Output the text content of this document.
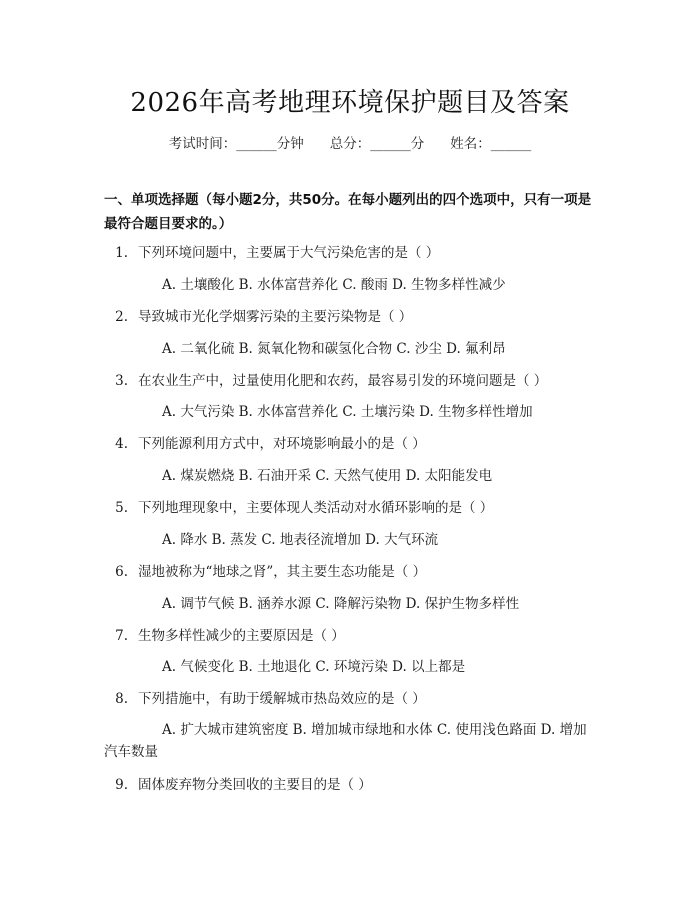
2026年高考地理环境保护题目及答案
考试时间：______分钟 总分：______分 姓名：______
一、单项选择题（每小题2分，共50分。在每小题列出的四个选项中，只有一项是最符合题目要求的。）
1. 下列环境问题中，主要属于大气污染危害的是（ ）
A. 土壤酸化 B. 水体富营养化 C. 酸雨 D. 生物多样性减少
2. 导致城市光化学烟雾污染的主要污染物是（ ）
A. 二氧化硫 B. 氮氧化物和碳氢化合物 C. 沙尘 D. 氟利昂
3. 在农业生产中，过量使用化肥和农药，最容易引发的环境问题是（ ）
A. 大气污染 B. 水体富营养化 C. 土壤污染 D. 生物多样性增加
4. 下列能源利用方式中，对环境影响最小的是（ ）
A. 煤炭燃烧 B. 石油开采 C. 天然气使用 D. 太阳能发电
5. 下列地理现象中，主要体现人类活动对水循环影响的是（ ）
A. 降水 B. 蒸发 C. 地表径流增加 D. 大气环流
6. 湿地被称为“地球之肾”，其主要生态功能是（ ）
A. 调节气候 B. 涵养水源 C. 降解污染物 D. 保护生物多样性
7. 生物多样性减少的主要原因是（ ）
A. 气候变化 B. 土地退化 C. 环境污染 D. 以上都是
8. 下列措施中，有助于缓解城市热岛效应的是（ ）
A. 扩大城市建筑密度 B. 增加城市绿地和水体 C. 使用浅色路面 D. 增加汽车数量
9. 固体废弃物分类回收的主要目的是（ ）
